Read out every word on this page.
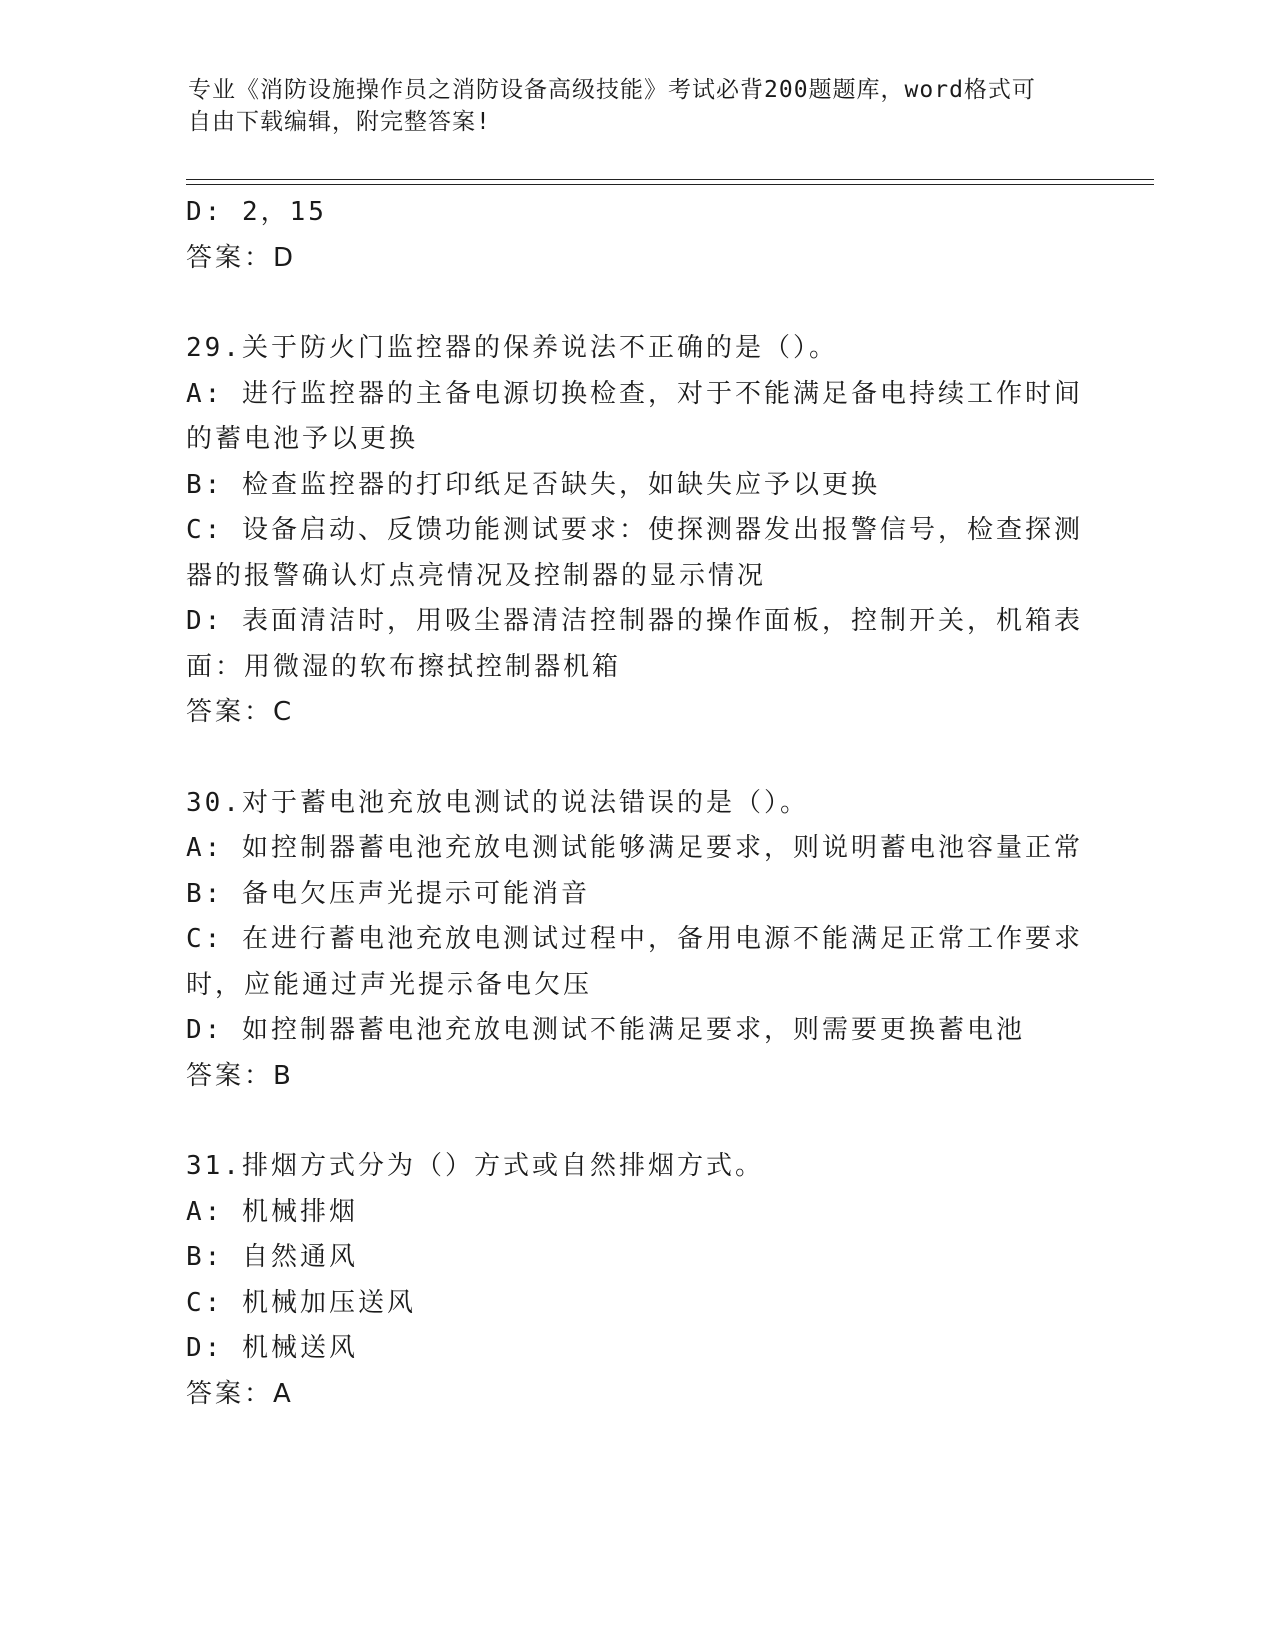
专业《消防设施操作员之消防设备高级技能》考试必背200题题库，word格式可
自由下载编辑，附完整答案!

D: 2，15

答案：D

29.关于防火门监控器的保养说法不正确的是（）。

A: 进行监控器的主备电源切换检查，对于不能满足备电持续工作时间

的蓄电池予以更换

B: 检查监控器的打印纸足否缺失，如缺失应予以更换

C: 设备启动、反馈功能测试要求：使探测器发出报警信号，检查探测

器的报警确认灯点亮情况及控制器的显示情况

D: 表面清洁时，用吸尘器清洁控制器的操作面板，控制开关，机箱表

面：用微湿的软布擦拭控制器机箱

答案：C

30.对于蓄电池充放电测试的说法错误的是（）。

A: 如控制器蓄电池充放电测试能够满足要求，则说明蓄电池容量正常

B: 备电欠压声光提示可能消音

C: 在进行蓄电池充放电测试过程中，备用电源不能满足正常工作要求

时，应能通过声光提示备电欠压

D: 如控制器蓄电池充放电测试不能满足要求，则需要更换蓄电池

答案：B

31.排烟方式分为（）方式或自然排烟方式。

A: 机械排烟

B: 自然通风

C: 机械加压送风

D: 机械送风

答案：A
